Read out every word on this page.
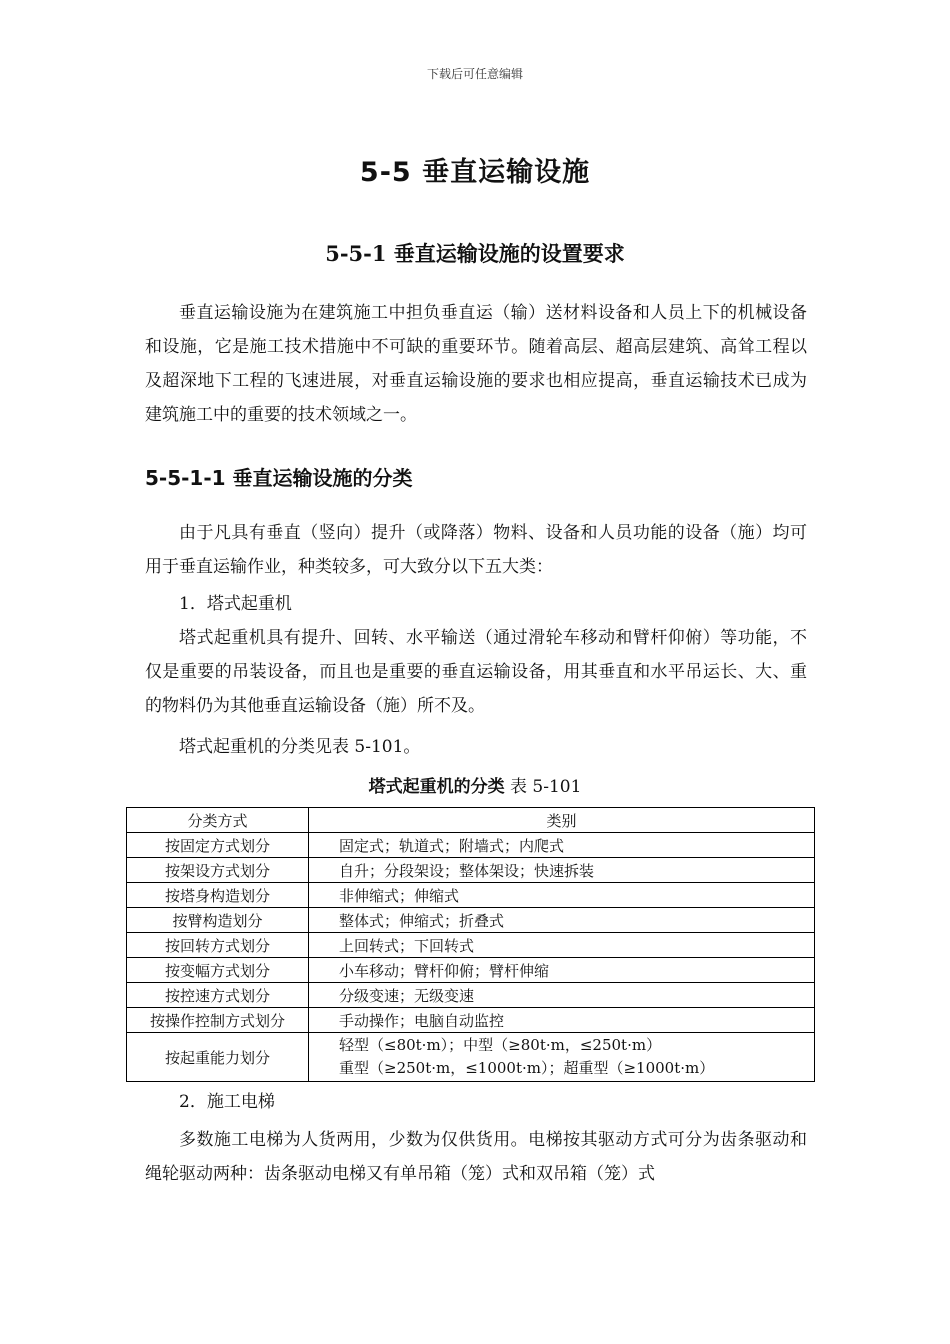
下载后可任意编辑
5-5 垂直运输设施
5-5-1 垂直运输设施的设置要求

垂直运输设施为在建筑施工中担负垂直运（输）送材料设备和人员上下的机械设备和设施，它是施工技术措施中不可缺的重要环节。随着高层、超高层建筑、高耸工程以及超深地下工程的飞速进展，对垂直运输设施的要求也相应提高，垂直运输技术已成为建筑施工中的重要的技术领域之一。

5-5-1-1 垂直运输设施的分类

由于凡具有垂直（竖向）提升（或降落）物料、设备和人员功能的设备（施）均可用于垂直运输作业，种类较多，可大致分以下五大类：

1．塔式起重机

塔式起重机具有提升、回转、水平输送（通过滑轮车移动和臂杆仰俯）等功能，不仅是重要的吊装设备，而且也是重要的垂直运输设备，用其垂直和水平吊运长、大、重的物料仍为其他垂直运输设备（施）所不及。

塔式起重机的分类见表 5-101。
塔式起重机的分类 表 5-101
分类方式	类别
按固定方式划分	固定式；轨道式；附墙式；内爬式
按架设方式划分	自升；分段架设；整体架设；快速拆装
按塔身构造划分	非伸缩式；伸缩式
按臂构造划分	整体式；伸缩式；折叠式
按回转方式划分	上回转式；下回转式
按变幅方式划分	小车移动；臂杆仰俯；臂杆伸缩
按控速方式划分	分级变速；无级变速
按操作控制方式划分	手动操作；电脑自动监控
按起重能力划分	轻型（≤80t·m）；中型（≥80t·m，≤250t·m）
重型（≥250t·m，≤1000t·m）；超重型（≥1000t·m）
2．施工电梯

多数施工电梯为人货两用，少数为仅供货用。电梯按其驱动方式可分为齿条驱动和绳轮驱动两种：齿条驱动电梯又有单吊箱（笼）式和双吊箱（笼）式
